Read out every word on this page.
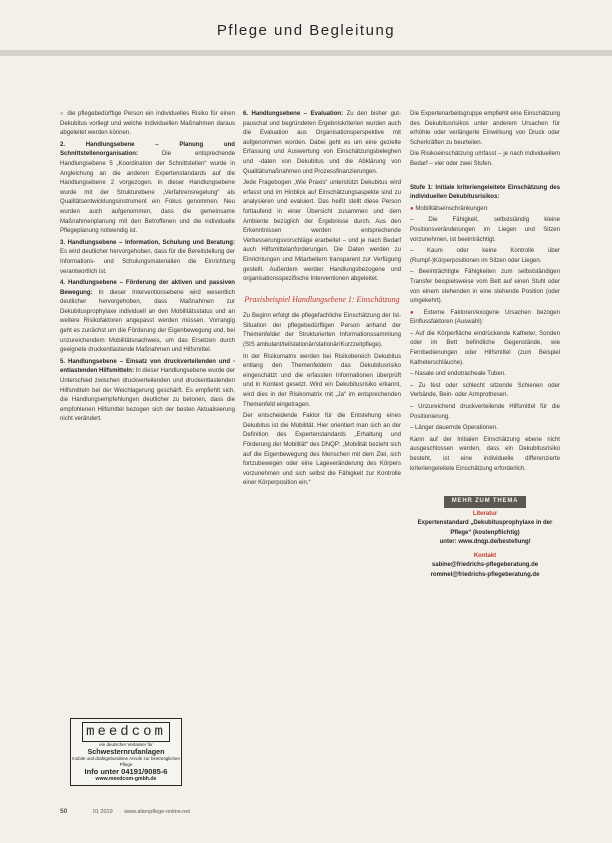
Pflege und Begleitung

» die pflegebedürftige Person ein individuelles Risiko für einen Dekubitus vorliegt und welche individuellen Maßnahmen daraus abgeleitet werden können.

2. Handlungsebene – Planung und Schnittstellenorganisation: Die entsprechende Handlungsebene 5 „Koordination der Schnittstellen“ wurde in Angleichung an die anderen Expertenstandards auf die Handlungsebene 2 vorgezogen. In dieser Handlungsebene wurde mit der Strukturebene „Verfahrensregelung“ als Qualitätsentwicklungsinstrument ein Fokus genommen. Neu wurden auch aufgenommen, dass die gemeinsame Maßnahmenplanung mit den Betroffenen und die individuelle Pflegeplanung notwendig ist.

3. Handlungsebene – Information, Schulung und Beratung: Es wird deutlicher hervorgehoben, dass für die Bereitstellung der Informations- und Schulungsmaterialien die Einrichtung verantwortlich ist.

4. Handlungsebene – Förderung der aktiven und passiven Bewegung: In dieser Interventionsebene wird wesentlich deutlicher hervorgehoben, dass Maßnahmen zur Dekubitusprophylaxe individuell an den Mobilitätsstatus und an weitere Risikofaktoren angepasst werden müssen. Vorrangig geht es zunächst um die Förderung der Eigenbewegung und, bei unzureichendem Mobilitätsnachweis, um das Ersetzen durch geeignete druckentlastende Maßnahmen und Hilfsmittel.

5. Handlungsebene – Einsatz von druckverteilenden und -entlastenden Hilfsmitteln: In dieser Handlungsebene wurde der Unterschied zwischen druckverteilenden und druckentlastenden Hilfsmitteln bei der Weichlagerung geschärft. Es empfiehlt sich, die Handlungsempfehlungen deutlicher zu betonen, dass die empfohlenen Hilfsmittel bezogen sich der besten Aktualisierung nicht verändert.

6. Handlungsebene – Evaluation: Zu den bisher gut-pauschal und begründeten Ergebniskriterien wurden auch die Evaluation aus Organisationsperspektive mit aufgenommen worden. Dabei geht es um eine gezielte Erfassung und Auswertung von Einschätzungsbeleghen und -daten von Dekubitus und die Abklärung von Qualitätsmaßnahmen und Prozessfinanzierungen.

Jede Fragebogen „Wie Praxis“ unterstützt Dekubitus wird erfasst und im Hinblick auf Einschätzungsaspekte sind zu analysieren und evaluiert. Das heißt stellt diese Person fortlaufend in einer Übersicht zusammen und dem Ambiente bezüglich der Ergebnisse durch. Aus den Erkenntnissen werden entsprechende Verbesserungsvorschläge erarbeitet – und je nach Bedarf auch Hilfsmittelanforderungen. Die Daten werden zu Einrichtungen und Mitarbeitern transparent zur Verfügung gestellt. Außerdem werden Handlungsbezogene und organisationsspezifische Interventionen abgeleitet.

Praxisbeispiel Handlungsebene 1: Einschätzung

Zu Beginn erfolgt die pflegefachliche Einschätzung der Ist-Situation der pflegebedürftigen Person anhand der Themenfelder der Strukturierten Informationssammlung (SIS ambulant/teilstationär/stationär/Kurzzeitpflege).

In der Risikomatrix werden bei Risikobereich Dekubitus entlang den Themenfeldern das Dekubitusrisiko eingeschätzt und die erfassten Informationen überprüft und in Kontext gesetzt. Wird ein Dekubitusrisiko erkannt, wird dies in der Risikomatrix mit „Ja“ im entsprechenden Themenfeld eingetragen.

Der entscheidende Faktor für die Entstehung eines Dekubitus ist die Mobilität. Hier orientiert man sich an der Definition des Expertenstandards „Erhaltung und Förderung der Mobilität“ des DNQP: „Mobilität bezieht sich auf die Eigenbewegung des Menschen mit dem Ziel, sich fortzubewegen oder eine Lageveränderung des Körpers vorzunehmen und sich selbst die Fähigkeit zur Kontrolle einer Körperposition ein.“

Die Expertenarbeitsgruppe empfiehlt eine Einschätzung des Dekubitusrisikos unter anderem Ursachen für erhöhte oder verlängerte Einwirkung von Druck oder Scherkräften zu beurteilen.

Die Risikoeinschätzung umfasst – je nach individuellem Bedarf – vier oder zwei Stufen.

Stufe 1: Initiale kriteriengeleitete Einschätzung des individuellen Dekubitusrisikos:

● Mobilitätseinschränkungen:

– Die Fähigkeit, selbstständig kleine Positionsveränderungen im Liegen und Sitzen vorzunehmen, ist beeinträchtigt.

– Kaum oder keine Kontrolle über (Rumpf-)Körperpositionen im Sitzen oder Liegen.

– Beeinträchtigte Fähigkeiten zum selbstständigen Transfer beispielsweise vom Bett auf einen Stuhl oder von einem stehenden in eine stehende Position (oder umgekehrt).

● Externe Faktoren/exogene Ursachen bezogen Einflussfaktoren (Auswahl):

– Auf die Körperfläche eindrückende Katheter, Sonden oder im Bett befindliche Gegenstände, wie Fernbedienungen oder Hilfsmittel (zum Beispiel Katheterschläuche).

– Nasale und endotracheale Tuben.

– Zu fest oder schlecht sitzende Schienen oder Verbände, Bein- oder Armprothesen.

– Unzureichend druckverteilende Hilfsmittel für die Positionierung.

– Länger dauernde Operationen.

Kann auf der Initialen Einschätzung ebene nicht ausgeschlossen werden, dass ein Dekubitusrisiko besteht, ist eine individuelle differenzierte kriteriengeleitete Einschätzung erforderlich.

MEHR ZUM THEMA
Literatur
Expertenstandard „Dekubitusprophylaxe in der Pflege“ (kostenpflichtig)
unter: www.dnqp.de/bestellung/
Kontakt
sabine@friedrichs-pflegeberatung.de
rommel@friedrichs-pflegeberatung.de
meedcom
ein deutscher Verlasser für
Schwesternrufanlagen
mobile und drahtgebundene Anrufe zur bestmöglichen Pflege
Info unter 04191/9085-6
www.meedcom-gmbh.de
50	01 2019 www.altenpflege-online.net
